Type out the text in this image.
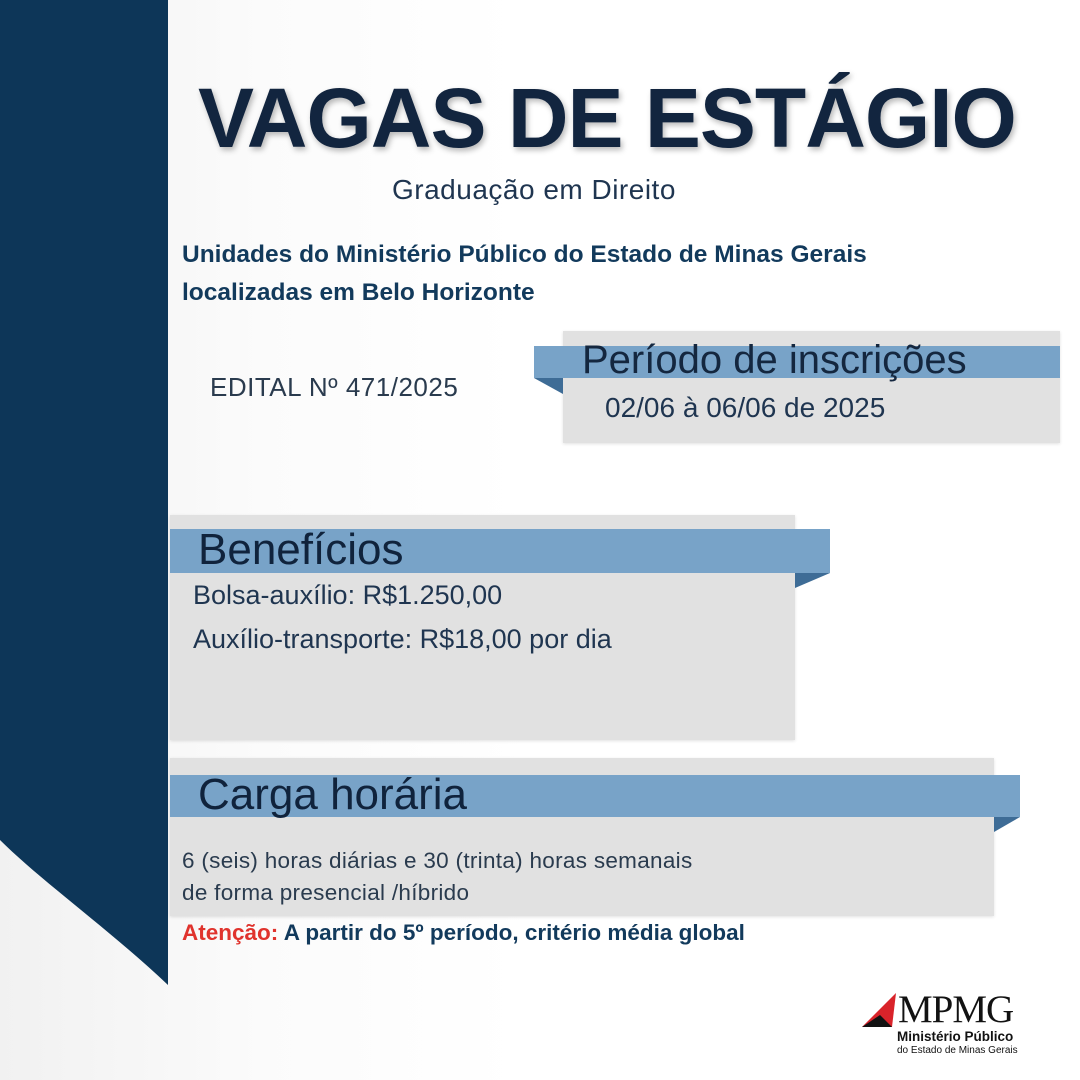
VAGAS DE ESTÁGIO
Graduação em Direito
Unidades do Ministério Público do Estado de Minas Gerais
localizadas em Belo Horizonte
EDITAL Nº 471/2025
Período de inscrições
02/06 à 06/06 de 2025
Benefícios
Bolsa-auxílio: R$1.250,00
Auxílio-transporte: R$18,00 por dia
Carga horária
6 (seis) horas diárias e 30 (trinta) horas semanais
de forma presencial /híbrido
Atenção: A partir do 5º período, critério média global
MPMG
Ministério Público
do Estado de Minas Gerais
